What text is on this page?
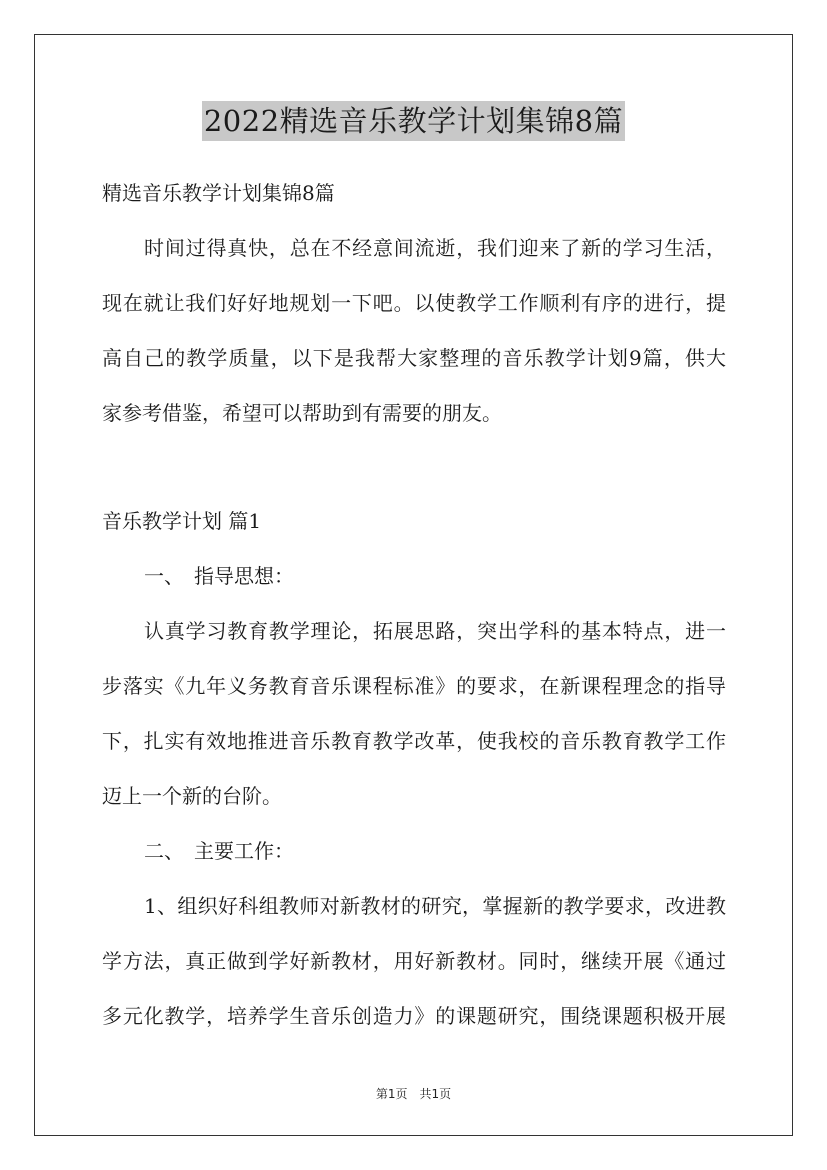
2022精选音乐教学计划集锦8篇

精选音乐教学计划集锦8篇

时间过得真快，总在不经意间流逝，我们迎来了新的学习生活，

现在就让我们好好地规划一下吧。以使教学工作顺利有序的进行，提

高自己的教学质量，以下是我帮大家整理的音乐教学计划9篇，供大

家参考借鉴，希望可以帮助到有需要的朋友。

音乐教学计划 篇1

一、　指导思想：

认真学习教育教学理论，拓展思路，突出学科的基本特点，进一

步落实《九年义务教育音乐课程标准》的要求，在新课程理念的指导

下，扎实有效地推进音乐教育教学改革，使我校的音乐教育教学工作

迈上一个新的台阶。

二、　主要工作：

1、组织好科组教师对新教材的研究，掌握新的教学要求，改进教

学方法，真正做到学好新教材，用好新教材。同时，继续开展《通过

多元化教学，培养学生音乐创造力》的课题研究，围绕课题积极开展

第1页　共1页
